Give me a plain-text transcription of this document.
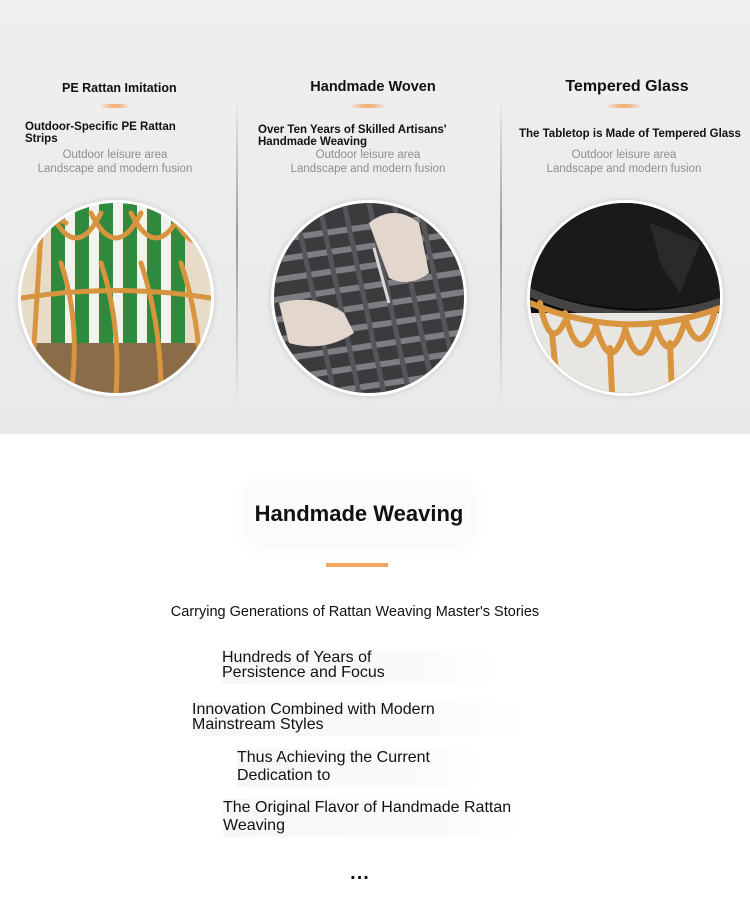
PE Rattan Imitation
Outdoor-Specific PE Rattan Strips
Outdoor leisure area
Landscape and modern fusion
Handmade Woven
Over Ten Years of Skilled Artisans' Handmade Weaving
Outdoor leisure area
Landscape and modern fusion
Tempered Glass
The Tabletop is Made of Tempered Glass
Outdoor leisure area
Landscape and modern fusion
Handmade Weaving
Carrying Generations of Rattan Weaving Master's Stories
Hundreds of Years of
Persistence and Focus
Innovation Combined with Modern
Mainstream Styles
Thus Achieving the Current
Dedication to
The Original Flavor of Handmade Rattan
Weaving
...
